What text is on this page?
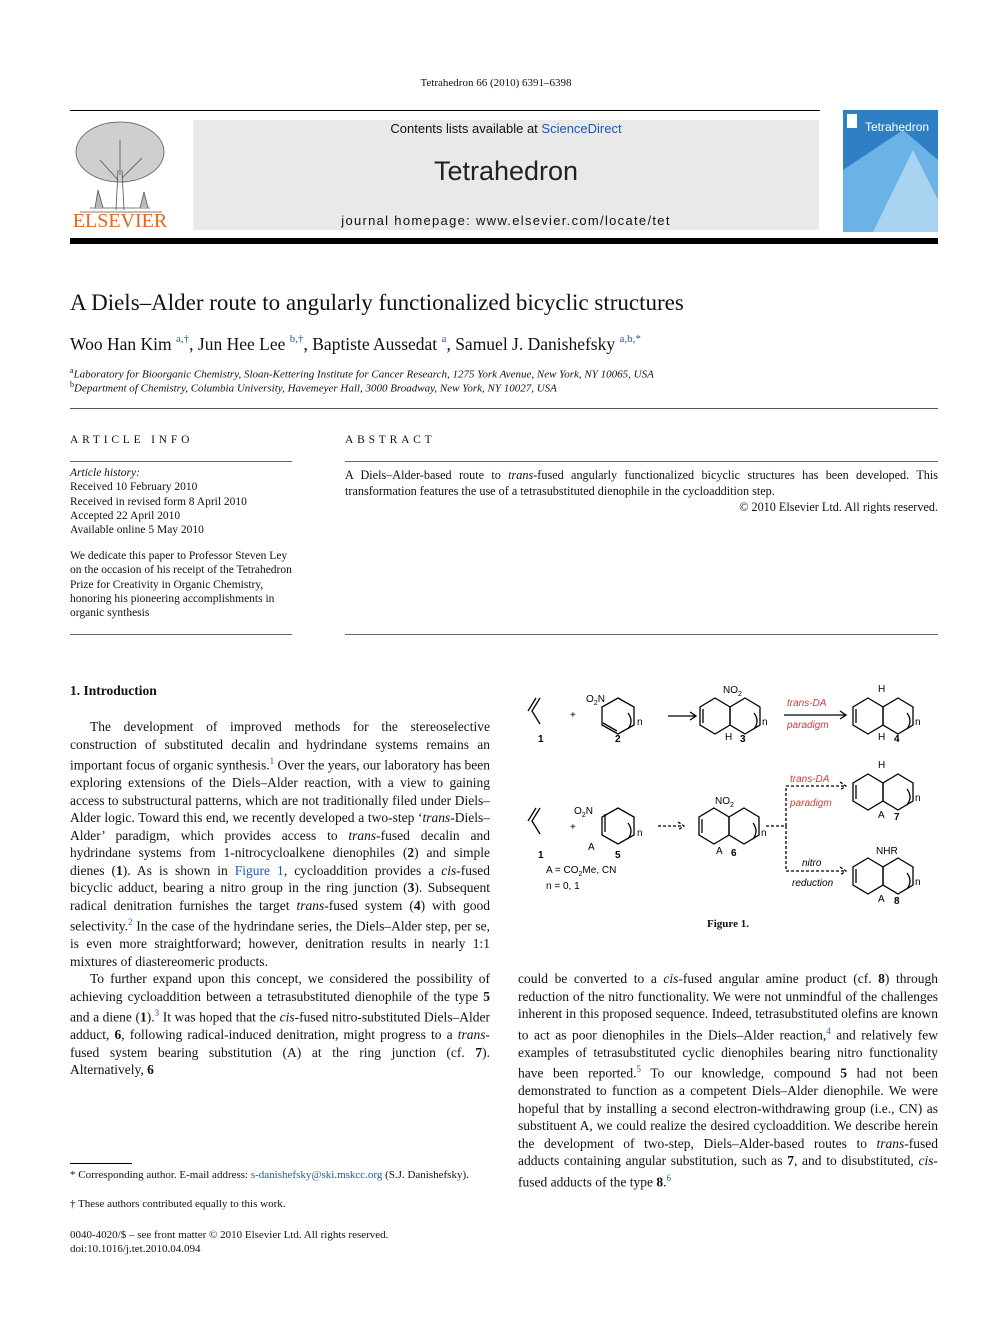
Tetrahedron 66 (2010) 6391–6398
ELSEVIER
Contents lists available at ScienceDirect
Tetrahedron
journal homepage: www.elsevier.com/locate/tet
Tetrahedron
A Diels–Alder route to angularly functionalized bicyclic structures
Woo Han Kim $^{a,\dagger}$, Jun Hee Lee $^{b,\dagger}$, Baptiste Aussedat $^a$, Samuel J. Danishefsky $^{a,b,*}$
$^a$Laboratory for Bioorganic Chemistry, Sloan-Kettering Institute for Cancer Research, 1275 York Avenue, New York, NY 10065, USA
$^b$Department of Chemistry, Columbia University, Havemeyer Hall, 3000 Broadway, New York, NY 10027, USA
ARTICLE INFO
Article history:
Received 10 February 2010
Received in revised form 8 April 2010
Accepted 22 April 2010
Available online 5 May 2010
We dedicate this paper to Professor Steven Ley on the occasion of his receipt of the Tetrahedron Prize for Creativity in Organic Chemistry, honoring his pioneering accomplishments in organic synthesis
ABSTRACT
A Diels–Alder-based route to trans-fused angularly functionalized bicyclic structures has been developed. This transformation features the use of a tetrasubstituted dienophile in the cycloaddition step.
© 2010 Elsevier Ltd. All rights reserved.
1. Introduction

The development of improved methods for the stereoselective construction of substituted decalin and hydrindane systems remains an important focus of organic synthesis.$^1$ Over the years, our laboratory has been exploring extensions of the Diels–Alder reaction, with a view to gaining access to substructural patterns, which are not traditionally filed under Diels–Alder logic. Toward this end, we recently developed a two-step ‘trans-Diels–Alder’ paradigm, which provides access to trans-fused decalin and hydrindane systems from 1-nitrocycloalkene dienophiles (2) and simple dienes (1). As is shown in Figure 1, cycloaddition provides a cis-fused bicyclic adduct, bearing a nitro group in the ring junction (3). Subsequent radical denitration furnishes the target trans-fused system (4) with good selectivity.$^2$ In the case of the hydrindane series, the Diels–Alder step, per se, is even more straightforward; however, denitration results in nearly 1:1 mixtures of diastereomeric products.

To further expand upon this concept, we considered the possibility of achieving cycloaddition between a tetrasubstituted dienophile of the type 5 and a diene (1).$^3$ It was hoped that the cis-fused nitro-substituted Diels–Alder adduct, 6, following radical-induced denitration, might progress to a trans-fused system bearing substitution (A) at the ring junction (cf. 7). Alternatively, 6

could be converted to a cis-fused angular amine product (cf. 8) through reduction of the nitro functionality. We were not unmindful of the challenges inherent in this proposed sequence. Indeed, tetrasubstituted olefins are known to act as poor dienophiles in the Diels–Alder reaction,$^4$ and relatively few examples of tetrasubstituted cyclic dienophiles bearing nitro functionality have been reported.$^5$ To our knowledge, compound 5 had not been demonstrated to function as a competent Diels–Alder dienophile. We were hopeful that by installing a second electron-withdrawing group (i.e., CN) as substituent A, we could realize the desired cycloaddition. We describe herein the development of two-step, Diels–Alder-based routes to trans-fused adducts containing angular substitution, such as 7, and to disubstituted, cis-fused adducts of the type 8.$^6$

1
+
$O_2N$
n
2
$NO_2$
n
H 3
trans-DA
paradigm
H
n
H 4
1
+
$O_2N$
A
n
5
$A = CO_2Me$, CN
n = 0, 1
$NO_2$
n
A 6
trans-DA
paradigm
H
n
A 7
nitro
reduction
NHR
n
A 8
Figure 1.
* Corresponding author. E-mail address: s-danishefsky@ski.mskcc.org (S.J. Danishefsky).
† These authors contributed equally to this work.
0040-4020/$ – see front matter © 2010 Elsevier Ltd. All rights reserved.
doi:10.1016/j.tet.2010.04.094
